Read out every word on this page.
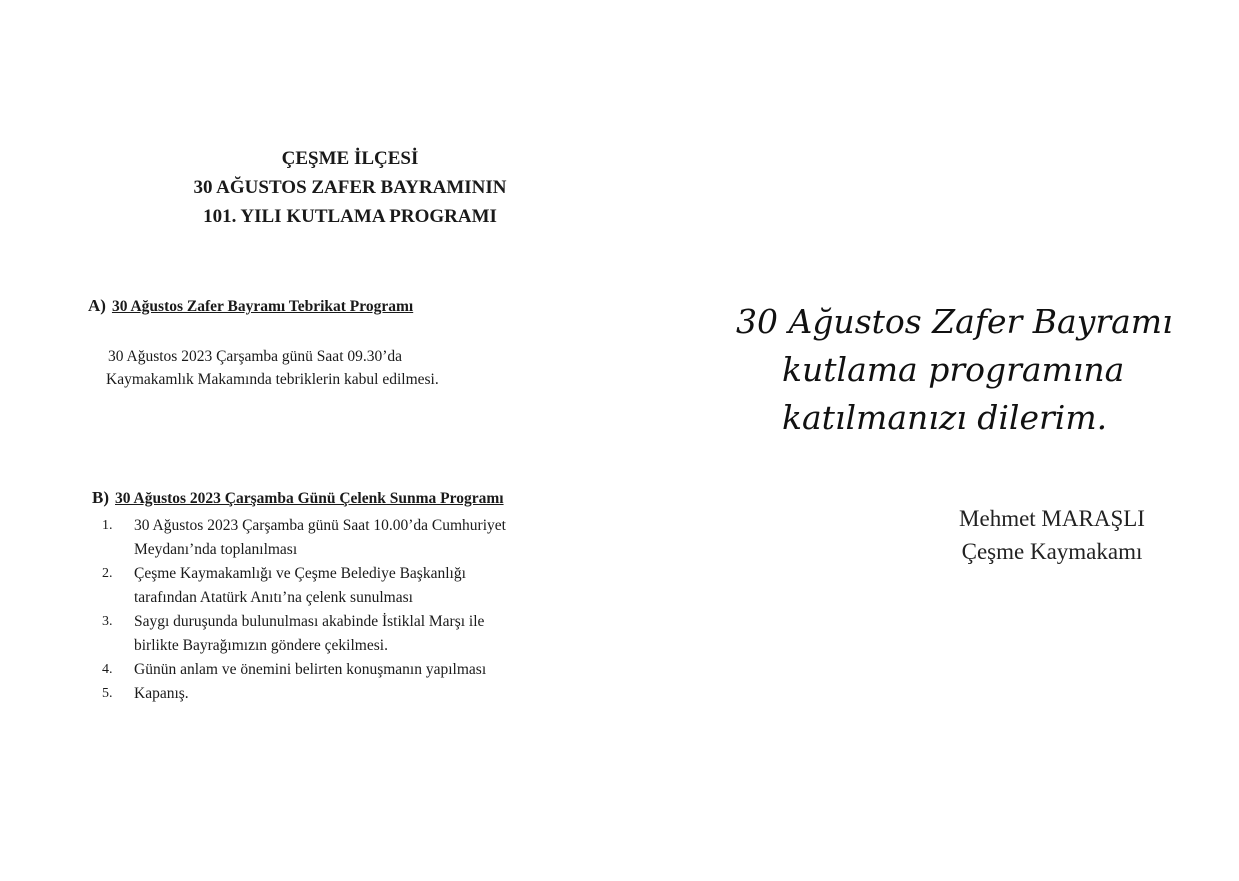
ÇEŞME İLÇESİ
30 AĞUSTOS ZAFER BAYRAMININ
101. YILI KUTLAMA PROGRAMI
A) 30 Ağustos Zafer Bayramı Tebrikat Programı
30 Ağustos 2023 Çarşamba günü Saat 09.30’da
Kaymakamlık Makamında tebriklerin kabul edilmesi.
B) 30 Ağustos 2023 Çarşamba Günü Çelenk Sunma Programı
1.	30 Ağustos 2023 Çarşamba günü Saat 10.00’da Cumhuriyet
Meydanı’nda toplanılması
2.	Çeşme Kaymakamlığı ve Çeşme Belediye Başkanlığı
tarafından Atatürk Anıtı’na çelenk sunulması
3.	Saygı duruşunda bulunulması akabinde İstiklal Marşı ile
birlikte Bayrağımızın göndere çekilmesi.
4.	Günün anlam ve önemini belirten konuşmanın yapılması
5.	Kapanış.
30 Ağustos Zafer Bayramı
kutlama programına
katılmanızı dilerim.
Mehmet MARAŞLI
Çeşme Kaymakamı
